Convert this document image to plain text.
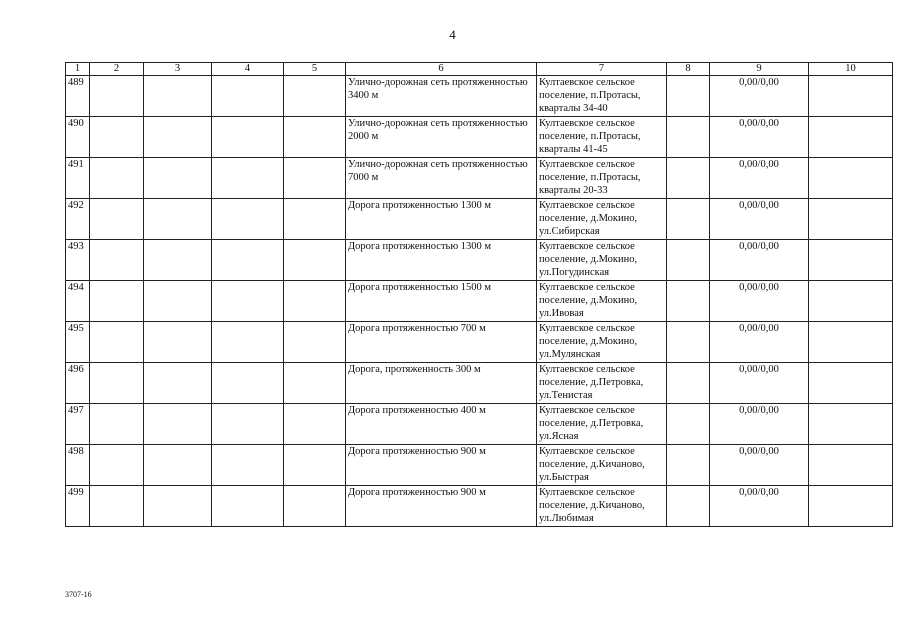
4
1	2	3	4	5	6	7	8	9	10
489					Улично-дорожная сеть протяженностью 3400 м	Култаевское сельское поселение, п.Протасы, кварталы 34-40		0,00/0,00	
490					Улично-дорожная сеть протяженностью 2000 м	Култаевское сельское поселение, п.Протасы, кварталы 41-45		0,00/0,00	
491					Улично-дорожная сеть протяженностью 7000 м	Култаевское сельское поселение, п.Протасы, кварталы 20-33		0,00/0,00	
492					Дорога протяженностью 1300 м	Култаевское сельское поселение, д.Мокино, ул.Сибирская		0,00/0,00	
493					Дорога протяженностью 1300 м	Култаевское сельское поселение, д.Мокино, ул.Погудинская		0,00/0,00	
494					Дорога протяженностью 1500 м	Култаевское сельское поселение, д.Мокино, ул.Ивовая		0,00/0,00	
495					Дорога протяженностью 700 м	Култаевское сельское поселение, д.Мокино, ул.Мулянская		0,00/0,00	
496					Дорога, протяженность 300 м	Култаевское сельское поселение, д.Петровка, ул.Тенистая		0,00/0,00	
497					Дорога протяженностью 400 м	Култаевское сельское поселение, д.Петровка, ул.Ясная		0,00/0,00	
498					Дорога протяженностью 900 м	Култаевское сельское поселение, д.Кичаново, ул.Быстрая		0,00/0,00	
499					Дорога протяженностью 900 м	Култаевское сельское поселение, д.Кичаново, ул.Любимая		0,00/0,00	
3707-16
